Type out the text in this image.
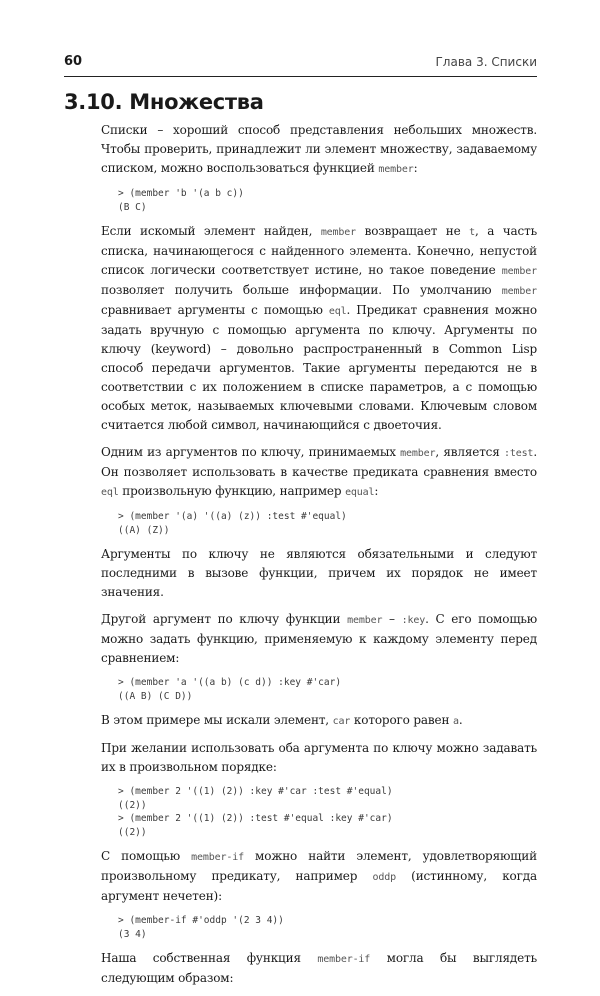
60	Глава 3. Списки
3.10. Множества

Списки – хороший способ представления небольших множеств. Чтобы проверить, принадлежит ли элемент множеству, задаваемому списком, можно воспользоваться функцией member:

> (member 'b '(a b c))
(B C)

Если искомый элемент найден, member возвращает не t, а часть списка, начинающегося с найденного элемента. Конечно, непустой список логически соответствует истине, но такое поведение member позволяет получить больше информации. По умолчанию member сравнивает аргументы с помощью eql. Предикат сравнения можно задать вручную с помощью аргумента по ключу. Аргументы по ключу (keyword) – довольно распространенный в Common Lisp способ передачи аргументов. Такие аргументы передаются не в соответствии с их положением в списке параметров, а с помощью особых меток, называемых ключевыми словами. Ключевым словом считается любой символ, начинающийся с двоеточия.

Одним из аргументов по ключу, принимаемых member, является :test. Он позволяет использовать в качестве предиката сравнения вместо eql произвольную функцию, например equal:

> (member '(a) '((a) (z)) :test #'equal)
((A) (Z))

Аргументы по ключу не являются обязательными и следуют последними в вызове функции, причем их порядок не имеет значения.

Другой аргумент по ключу функции member – :key. С его помощью можно задать функцию, применяемую к каждому элементу перед сравнением:

> (member 'a '((a b) (c d)) :key #'car)
((A B) (C D))

В этом примере мы искали элемент, car которого равен a.

При желании использовать оба аргумента по ключу можно задавать их в произвольном порядке:

> (member 2 '((1) (2)) :key #'car :test #'equal)
((2))
> (member 2 '((1) (2)) :test #'equal :key #'car)
((2))

С помощью member-if можно найти элемент, удовлетворяющий произвольному предикату, например oddp (истинному, когда аргумент нечетен):

> (member-if #'oddp '(2 3 4))
(3 4)

Наша собственная функция member-if могла бы выглядеть следующим образом:
